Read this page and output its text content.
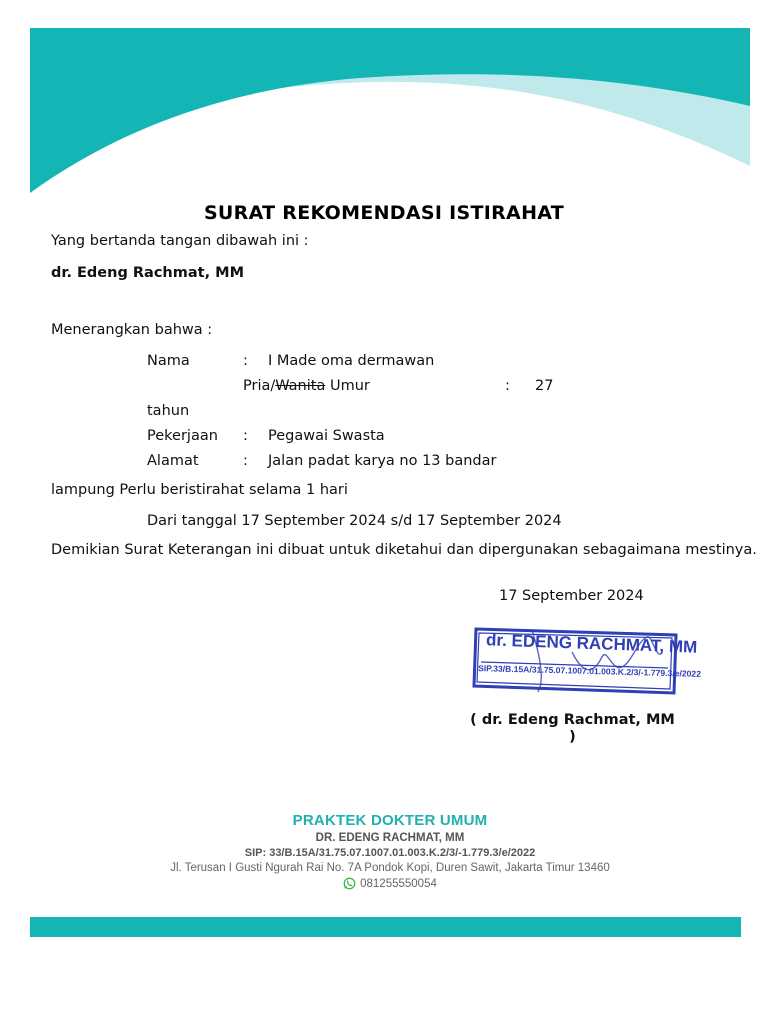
SURAT REKOMENDASI ISTIRAHAT
Yang bertanda tangan dibawah ini :
dr. Edeng Rachmat, MM
Menerangkan bahwa :
Nama	: I Made oma dermawan
Pria/Wanita Umur	: 27
tahun
Pekerjaan : Pegawai Swasta
Alamat	: Jalan padat karya no 13 bandar
lampung Perlu beristirahat selama 1 hari
Dari tanggal 17 September 2024 s/d 17 September 2024
Demikian Surat Keterangan ini dibuat untuk diketahui dan dipergunakan sebagaimana mestinya.
17 September 2024
dr. EDENG RACHMAT, MM
SIP.33/B.15A/31.75.07.1007.01.003.K.2/3/-1.779.3/e/2022
( dr. Edeng Rachmat, MM )
PRAKTEK DOKTER UMUM
DR. EDENG RACHMAT, MM
SIP: 33/B.15A/31.75.07.1007.01.003.K.2/3/-1.779.3/e/2022
Jl. Terusan I Gusti Ngurah Rai No. 7A Pondok Kopi, Duren Sawit, Jakarta Timur 13460
081255550054
